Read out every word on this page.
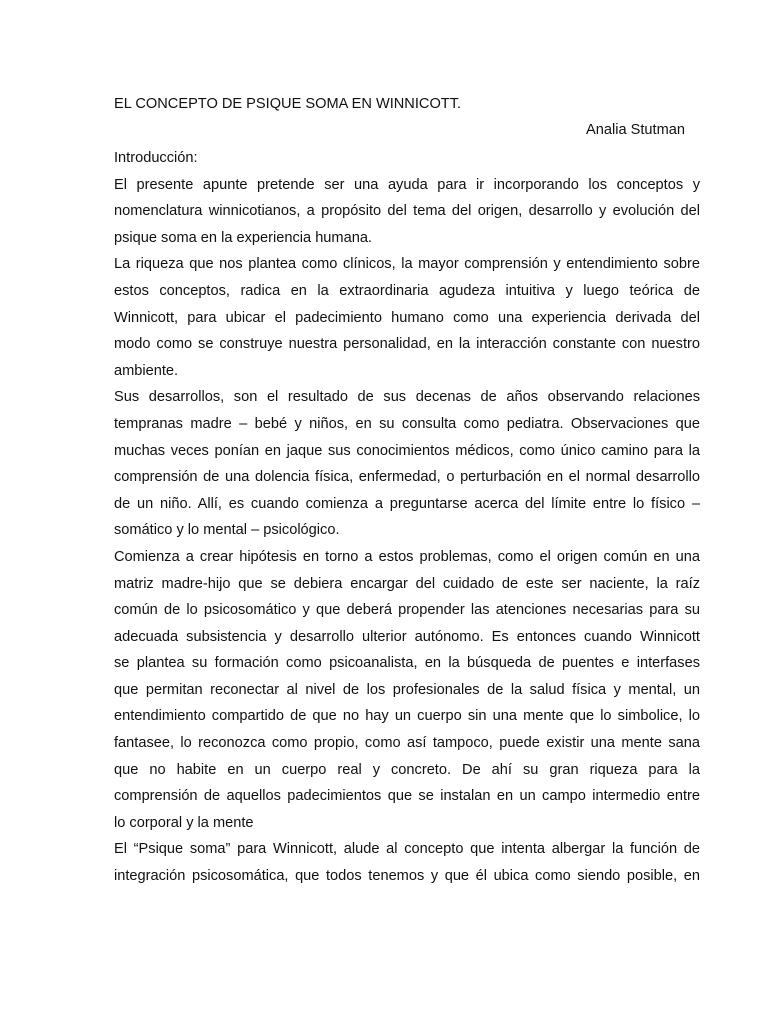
EL CONCEPTO DE PSIQUE SOMA EN WINNICOTT.
Analia Stutman
Introducción:
El presente apunte pretende ser una ayuda para ir incorporando los conceptos y
nomenclatura winnicotianos, a propósito del tema del origen, desarrollo y evolución del
psique soma en la experiencia humana.
La riqueza que nos plantea como clínicos, la mayor comprensión y entendimiento sobre
estos conceptos, radica en la extraordinaria agudeza intuitiva y luego teórica de
Winnicott, para ubicar el padecimiento humano como una experiencia derivada del
modo como se construye nuestra personalidad, en la interacción constante con nuestro
ambiente.
Sus desarrollos, son el resultado de sus decenas de años observando relaciones
tempranas madre – bebé y niños, en su consulta como pediatra. Observaciones que
muchas veces ponían en jaque sus conocimientos médicos, como único camino para la
comprensión de una dolencia física, enfermedad, o perturbación en el normal desarrollo
de un niño. Allí, es cuando comienza a preguntarse acerca del límite entre lo físico –
somático y lo mental – psicológico.
Comienza a crear hipótesis en torno a estos problemas, como el origen común en una
matriz madre-hijo que se debiera encargar del cuidado de este ser naciente, la raíz
común de lo psicosomático y que deberá propender las atenciones necesarias para su
adecuada subsistencia y desarrollo ulterior autónomo. Es entonces cuando Winnicott
se plantea su formación como psicoanalista, en la búsqueda de puentes e interfases
que permitan reconectar al nivel de los profesionales de la salud física y mental, un
entendimiento compartido de que no hay un cuerpo sin una mente que lo simbolice, lo
fantasee, lo reconozca como propio, como así tampoco, puede existir una mente sana
que no habite en un cuerpo real y concreto. De ahí su gran riqueza para la
comprensión de aquellos padecimientos que se instalan en un campo intermedio entre
lo corporal y la mente
El “Psique soma” para Winnicott, alude al concepto que intenta albergar la función de
integración psicosomática, que todos tenemos y que él ubica como siendo posible, en
